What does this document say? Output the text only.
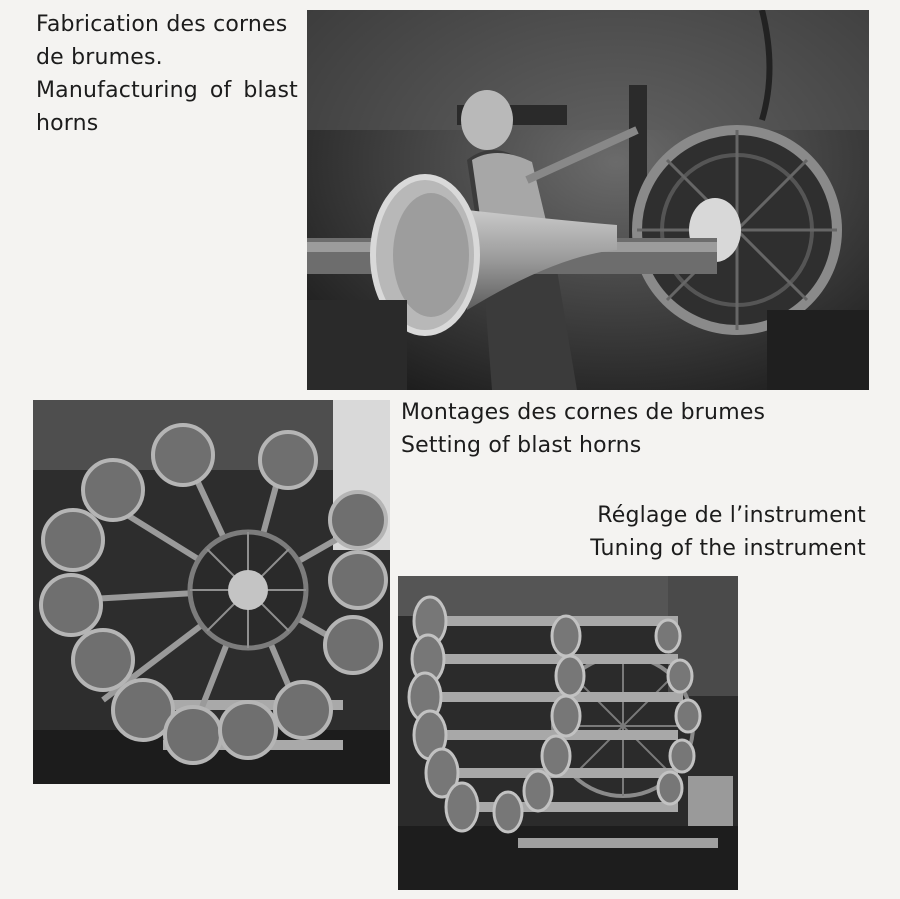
Fabrication des cornes
de brumes.
Manufacturing of blast
horns
Montages des cornes de brumes
Setting of blast horns
Réglage de l’instrument
Tuning of the instrument
